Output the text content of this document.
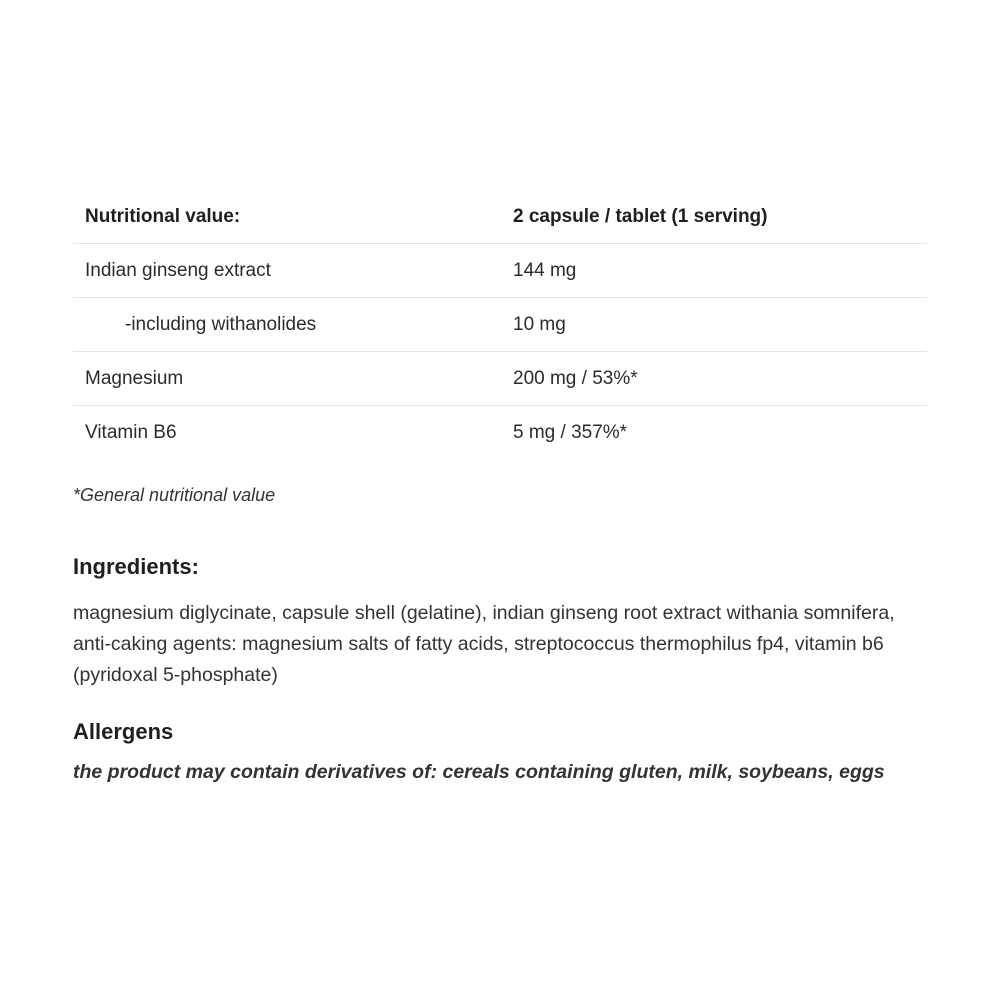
Nutritional value:	2 capsule / tablet (1 serving)
Indian ginseng extract	144 mg
-including withanolides	10 mg
Magnesium	200 mg / 53%*
Vitamin B6	5 mg / 357%*
*General nutritional value
Ingredients:
magnesium diglycinate, capsule shell (gelatine), indian ginseng root extract withania somnifera, anti-caking agents: magnesium salts of fatty acids, streptococcus thermophilus fp4, vitamin b6 (pyridoxal 5-phosphate)
Allergens
the product may contain derivatives of: cereals containing gluten, milk, soybeans, eggs
